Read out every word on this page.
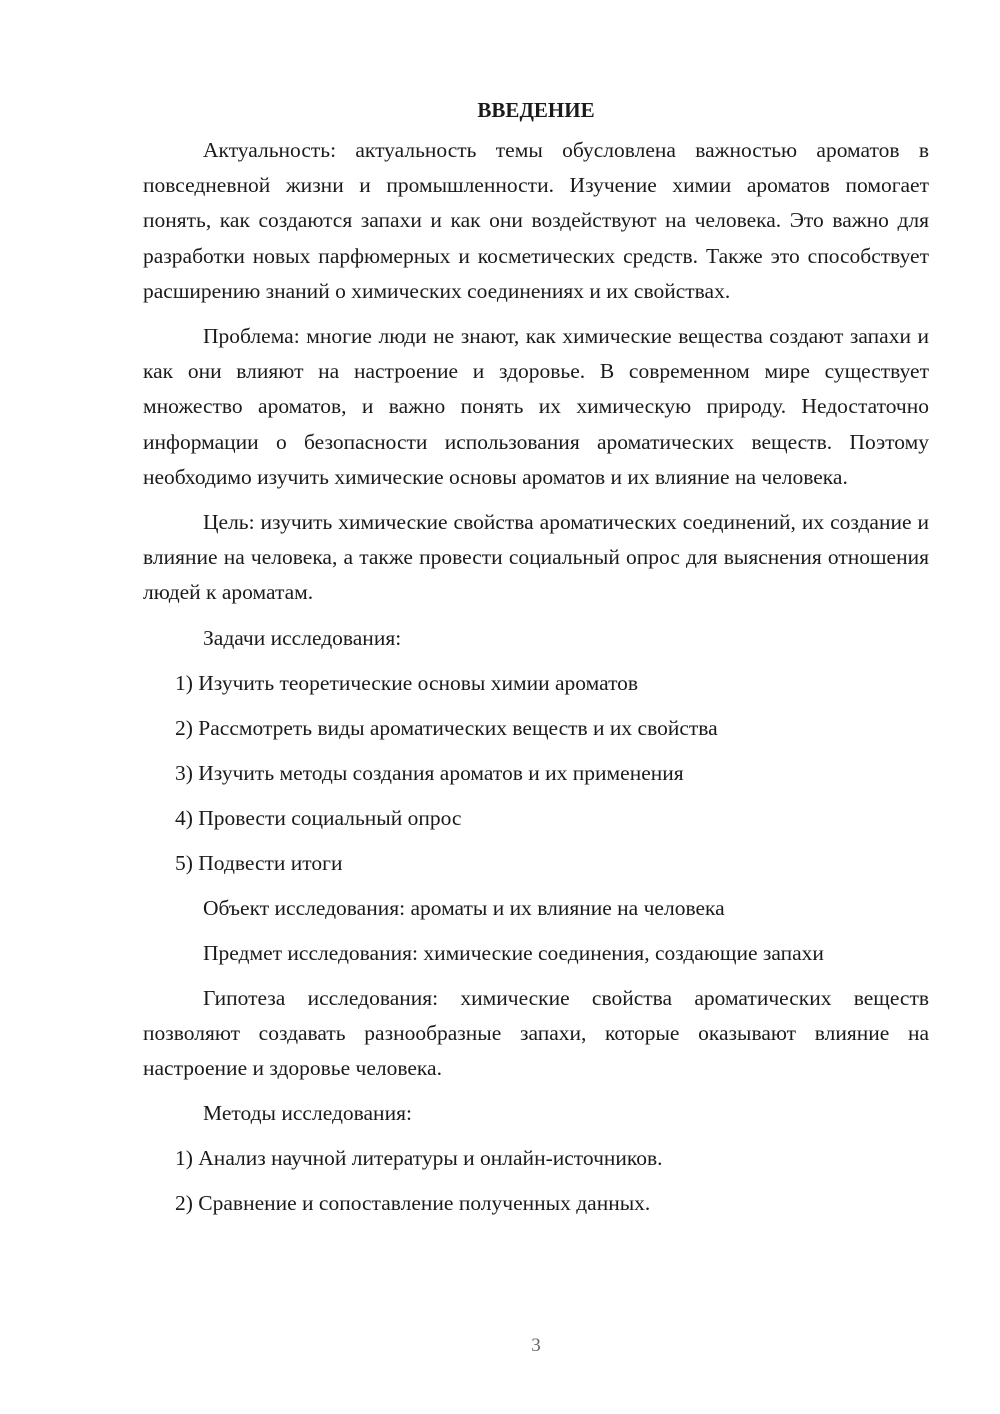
ВВЕДЕНИЕ

Актуальность: актуальность темы обусловлена важностью ароматов в повседневной жизни и промышленности. Изучение химии ароматов помогает понять, как создаются запахи и как они воздействуют на человека. Это важно для разработки новых парфюмерных и косметических средств. Также это способствует расширению знаний о химических соединениях и их свойствах.

Проблема: многие люди не знают, как химические вещества создают запахи и как они влияют на настроение и здоровье. В современном мире существует множество ароматов, и важно понять их химическую природу. Недостаточно информации о безопасности использования ароматических веществ. Поэтому необходимо изучить химические основы ароматов и их влияние на человека.

Цель: изучить химические свойства ароматических соединений, их создание и влияние на человека, а также провести социальный опрос для выяснения отношения людей к ароматам.

Задачи исследования:

1) Изучить теоретические основы химии ароматов
2) Рассмотреть виды ароматических веществ и их свойства
3) Изучить методы создания ароматов и их применения
4) Провести социальный опрос
5) Подвести итоги

Объект исследования: ароматы и их влияние на человека

Предмет исследования: химические соединения, создающие запахи

Гипотеза исследования: химические свойства ароматических веществ позволяют создавать разнообразные запахи, которые оказывают влияние на настроение и здоровье человека.

Методы исследования:

1) Анализ научной литературы и онлайн-источников.
2) Сравнение и сопоставление полученных данных.
3
